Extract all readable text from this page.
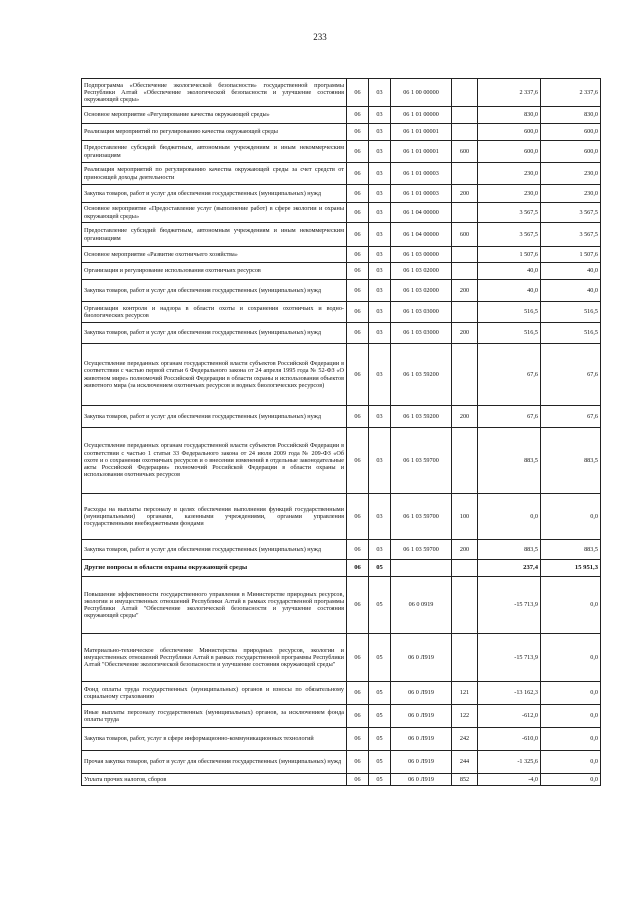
233
Подпрограмма «Обеспечение экологической безопасности» государственной программы Республики Алтай «Обеспечение экологической безопасности и улучшение состояния окружающей среды»	06	03	06 1 00 00000		2 337,6	2 337,6
Основное мероприятие «Регулирование качества окружающей среды»	06	03	06 1 01 00000		830,0	830,0
Реализация мероприятий по регулированию качества окружающей среды	06	03	06 1 01 00001		600,0	600,0
Предоставление субсидий бюджетным, автономным учреждениям и иным некоммерческим организациям	06	03	06 1 01 00001	600	600,0	600,0
Реализация мероприятий по регулированию качества окружающей среды за счет средств от приносящей доходы деятельности	06	03	06 1 01 00003		230,0	230,0
Закупка товаров, работ и услуг для обеспечения государственных (муниципальных) нужд	06	03	06 1 01 00003	200	230,0	230,0
Основное мероприятие «Предоставление услуг (выполнение работ) в сфере экологии и охраны окружающей среды»	06	03	06 1 04 00000		3 567,5	3 567,5
Предоставление субсидий бюджетным, автономным учреждениям и иным некоммерческим организациям	06	03	06 1 04 00000	600	3 567,5	3 567,5
Основное мероприятие «Развитие охотничьего хозяйства»	06	03	06 1 03 00000		1 507,6	1 507,6
Организация и регулирование использования охотничьих ресурсов	06	03	06 1 03 02000		40,0	40,0
Закупка товаров, работ и услуг для обеспечения государственных (муниципальных) нужд	06	03	06 1 03 02000	200	40,0	40,0
Организация контроля и надзора в области охоты и сохранения охотничьих и водно-биологических ресурсов	06	03	06 1 03 03000		516,5	516,5
Закупка товаров, работ и услуг для обеспечения государственных (муниципальных) нужд	06	03	06 1 03 03000	200	516,5	516,5
Осуществление переданных органам государственной власти субъектов Российской Федерации в соответствии с частью первой статьи 6 Федерального закона от 24 апреля 1995 года № 52-ФЗ «О животном мире» полномочий Российской Федерации в области охраны и использования объектов животного мира (за исключением охотничьих ресурсов и водных биологических ресурсов)	06	03	06 1 03 59200		67,6	67,6
Закупка товаров, работ и услуг для обеспечения государственных (муниципальных) нужд	06	03	06 1 03 59200	200	67,6	67,6
Осуществление переданных органам государственной власти субъектов Российской Федерации в соответствии с частью 1 статьи 33 Федерального закона от 24 июля 2009 года № 209-ФЗ «Об охоте и о сохранении охотничьих ресурсов и о внесении изменений в отдельные законодательные акты Российской Федерации» полномочий Российской Федерации в области охраны и использования охотничьих ресурсов	06	03	06 1 03 59700		883,5	883,5
Расходы на выплаты персоналу в целях обеспечения выполнения функций государственными (муниципальными) органами, казенными учреждениями, органами управления государственными внебюджетными фондами	06	03	06 1 03 59700	100	0,0	0,0
Закупка товаров, работ и услуг для обеспечения государственных (муниципальных) нужд	06	03	06 1 03 59700	200	883,5	883,5
Другие вопросы в области охраны окружающей среды	06	05			237,4	15 951,3
Повышение эффективности государственного управления в Министерстве природных ресурсов, экологии и имущественных отношений Республики Алтай в рамках государственной программы Республики Алтай "Обеспечение экологической безопасности и улучшение состояния окружающей среды"	06	05	06 0 0919		-15 713,9	0,0
Материально-техническое обеспечение Министерства природных ресурсов, экологии и имущественных отношений Республики Алтай в рамках государственной программы Республики Алтай "Обеспечение экологической безопасности и улучшение состояния окружающей среды"	06	05	06 0 Л919		-15 713,9	0,0
Фонд оплаты труда государственных (муниципальных) органов и взносы по обязательному социальному страхованию	06	05	06 0 Л919	121	-13 162,3	0,0
Иные выплаты персоналу государственных (муниципальных) органов, за исключением фонда оплаты труда	06	05	06 0 Л919	122	-612,0	0,0
Закупка товаров, работ, услуг в сфере информационно-коммуникационных технологий	06	05	06 0 Л919	242	-610,0	0,0
Прочая закупка товаров, работ и услуг для обеспечения государственных (муниципальных) нужд	06	05	06 0 Л919	244	-1 325,6	0,0
Уплата прочих налогов, сборов	06	05	06 0 Л919	852	-4,0	0,0
